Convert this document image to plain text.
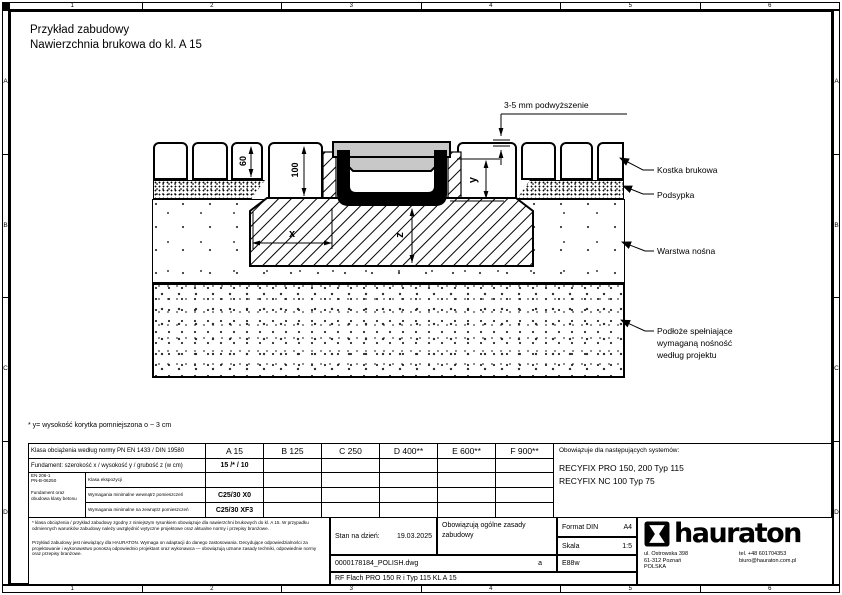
1	2	3	4	5	6
1	2	3	4	5	6
A
B
C
D
A
B
C
D
Przykład zabudowy
Nawierzchnia brukowa do kl. A 15
3-5 mm podwyższenie
60
100
y
x	z
Kostka brukowa
Podsypka
Warstwa nośna
Podłoże spełniające
wymaganą nośność
według projektu
* y= wysokość korytka pomniejszona o ~ 3 cm
Klasa obciążenia według normy PN EN 1433 / DIN 19580		A 15	B 125	C 250	D 400**	E 600**	F 900**	Obowiązuje dla następujących systemów:
RECYFIX PRO 150, 200 Typ 115
RECYFIX NC 100 Typ 75

Fundament: szerokość x / wysokość y / grubość z (w cm)		15 /* / 10						

EN 206-1
PN-B-06250
Fundament oraz obudowa klasy betonu	Klasa ekspozycji							
	Wymagania minimalne wewnątrz pomieszczeń	C25/30 X0						
	Wymagania minimalne na zewnątrz pomieszczeń	C25/30 XF3						
* klasa obciążenia / przykład zabudowy zgodny z niniejszym rysunkiem obowiązuje dla nawierzchni brukowych do kl. A 15. W przypadku odmiennych warunków zabudowy należy uwzględnić wytyczne projektowe oraz aktualne normy i przepisy branżowe.
Przykład zabudowy jest niewiążący dla HAURATON. Wymaga on adaptacji do danego zastosowania. Decydujące odpowiedzialności za projektowanie i wykonawstwo ponoszą odpowiednio projektant oraz wykonawca — obowiązują uznane zasady techniki, odpowiednie normy oraz przepisy branżowe.
Stan na dzień: 19.03.2025
Obowiązują ogólne zasady
zabudowy
Format DIN	A4
Skala	1:5
0000178184_POLISH.dwg	a	E88w
RF Flach PRO 150 R i Typ 115 KL A 15
hauraton
ul. Ostrowska 398
61-312 Poznań
POLSKA
tel. +48 601704353
biuro@hauraton.com.pl
